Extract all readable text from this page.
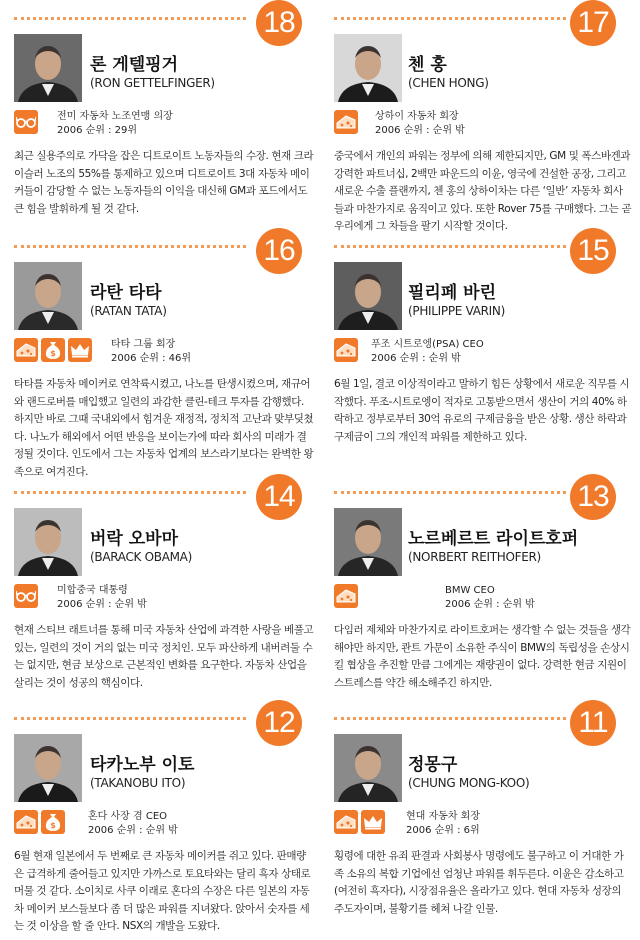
18
론 게텔핑거
(RON GETTELFINGER)
전미 자동차 노조연맹 의장
2006 순위 : 29위
최근 실용주의로 가닥을 잡은 디트로이트 노동자들의 수장. 현재 크라이슬러 노조의 55%를 통제하고 있으며 디트로이트 3대 자동차 메이커들이 감당할 수 없는 노동자들의 이익을 대신해 GM과 포드에서도 큰 힘을 발휘하게 될 것 같다.
17
첸 홍
(CHEN HONG)
상하이 자동차 회장
2006 순위 : 순위 밖
중국에서 개인의 파워는 정부에 의해 제한되지만, GM 및 폭스바겐과 강력한 파트너십, 2백만 파운드의 이윤, 영국에 건설한 공장, 그리고 새로운 수출 플랜까지, 첸 홍의 상하이차는 다른 ‘일반’ 자동차 회사들과 마찬가지로 움직이고 있다. 또한 Rover 75를 구매했다. 그는 곧 우리에게 그 차들을 팔기 시작할 것이다.
16
라탄 타타
(RATAN TATA)
$
타타 그룹 회장
2006 순위 : 46위
타타를 자동차 메이커로 연착륙시켰고, 나노를 탄생시켰으며, 재규어와 랜드로버를 매입했고 일련의 과감한 클린-테크 투자를 감행했다. 하지만 바로 그때 국내외에서 힘겨운 재정적, 정치적 고난과 맞부딪쳤다. 나노가 해외에서 어떤 반응을 보이는가에 따라 회사의 미래가 결정될 것이다. 인도에서 그는 자동차 업계의 보스라기보다는 완벽한 왕족으로 여겨진다.
15
필리페 바린
(PHILIPPE VARIN)
푸조 시트로엥(PSA) CEO
2006 순위 : 순위 밖
6월 1일, 결코 이상적이라고 말하기 힘든 상황에서 새로운 직무를 시작했다. 푸조-시트로엥이 적자로 고통받으면서 생산이 거의 40% 하락하고 정부로부터 30억 유로의 구제금융을 받은 상황. 생산 하락과 구제금이 그의 개인적 파워를 제한하고 있다.
14
버락 오바마
(BARACK OBAMA)
미합중국 대통령
2006 순위 : 순위 밖
현재 스티브 래트너를 통해 미국 자동차 산업에 과격한 사랑을 베풀고 있는, 일련의 것이 거의 없는 미국 정치인. 모두 파산하게 내버려둘 수는 없지만, 현금 보상으로 근본적인 변화를 요구한다. 자동차 산업을 살리는 것이 성공의 핵심이다.
13
노르베르트 라이트호퍼
(NORBERT REITHOFER)
BMW CEO
2006 순위 : 순위 밖
다임러 제체와 마찬가지로 라이트호퍼는 생각할 수 없는 것들을 생각해야만 하지만, 콴트 가문이 소유한 주식이 BMW의 독립성을 손상시킬 협상을 추진할 만큼 그에게는 재량권이 없다. 강력한 현금 지원이 스트레스를 약간 해소해주긴 하지만.
12
타카노부 이토
(TAKANOBU ITO)
$
혼다 사장 겸 CEO
2006 순위 : 순위 밖
6월 현재 일본에서 두 번째로 큰 자동차 메이커를 쥐고 있다. 판매량은 급격하게 줄어들고 있지만 가까스로 토요타와는 달리 흑자 상태로 머물 것 같다. 소이치로 사쿠 이래로 혼다의 수장은 다른 일본의 자동차 메이커 보스들보다 좀 더 많은 파워를 지녀왔다. 앉아서 숫자를 세는 것 이상을 할 줄 안다. NSX의 개발을 도왔다.
11
정몽구
(CHUNG MONG-KOO)
현대 자동차 회장
2006 순위 : 6위
횡령에 대한 유죄 판결과 사회봉사 명령에도 불구하고 이 거대한 가족 소유의 복합 기업에선 엄청난 파워를 휘두른다. 이윤은 감소하고(여전히 흑자다), 시장점유율은 올라가고 있다. 현대 자동차 성장의 주도자이며, 불황기를 헤쳐 나갈 인물.
